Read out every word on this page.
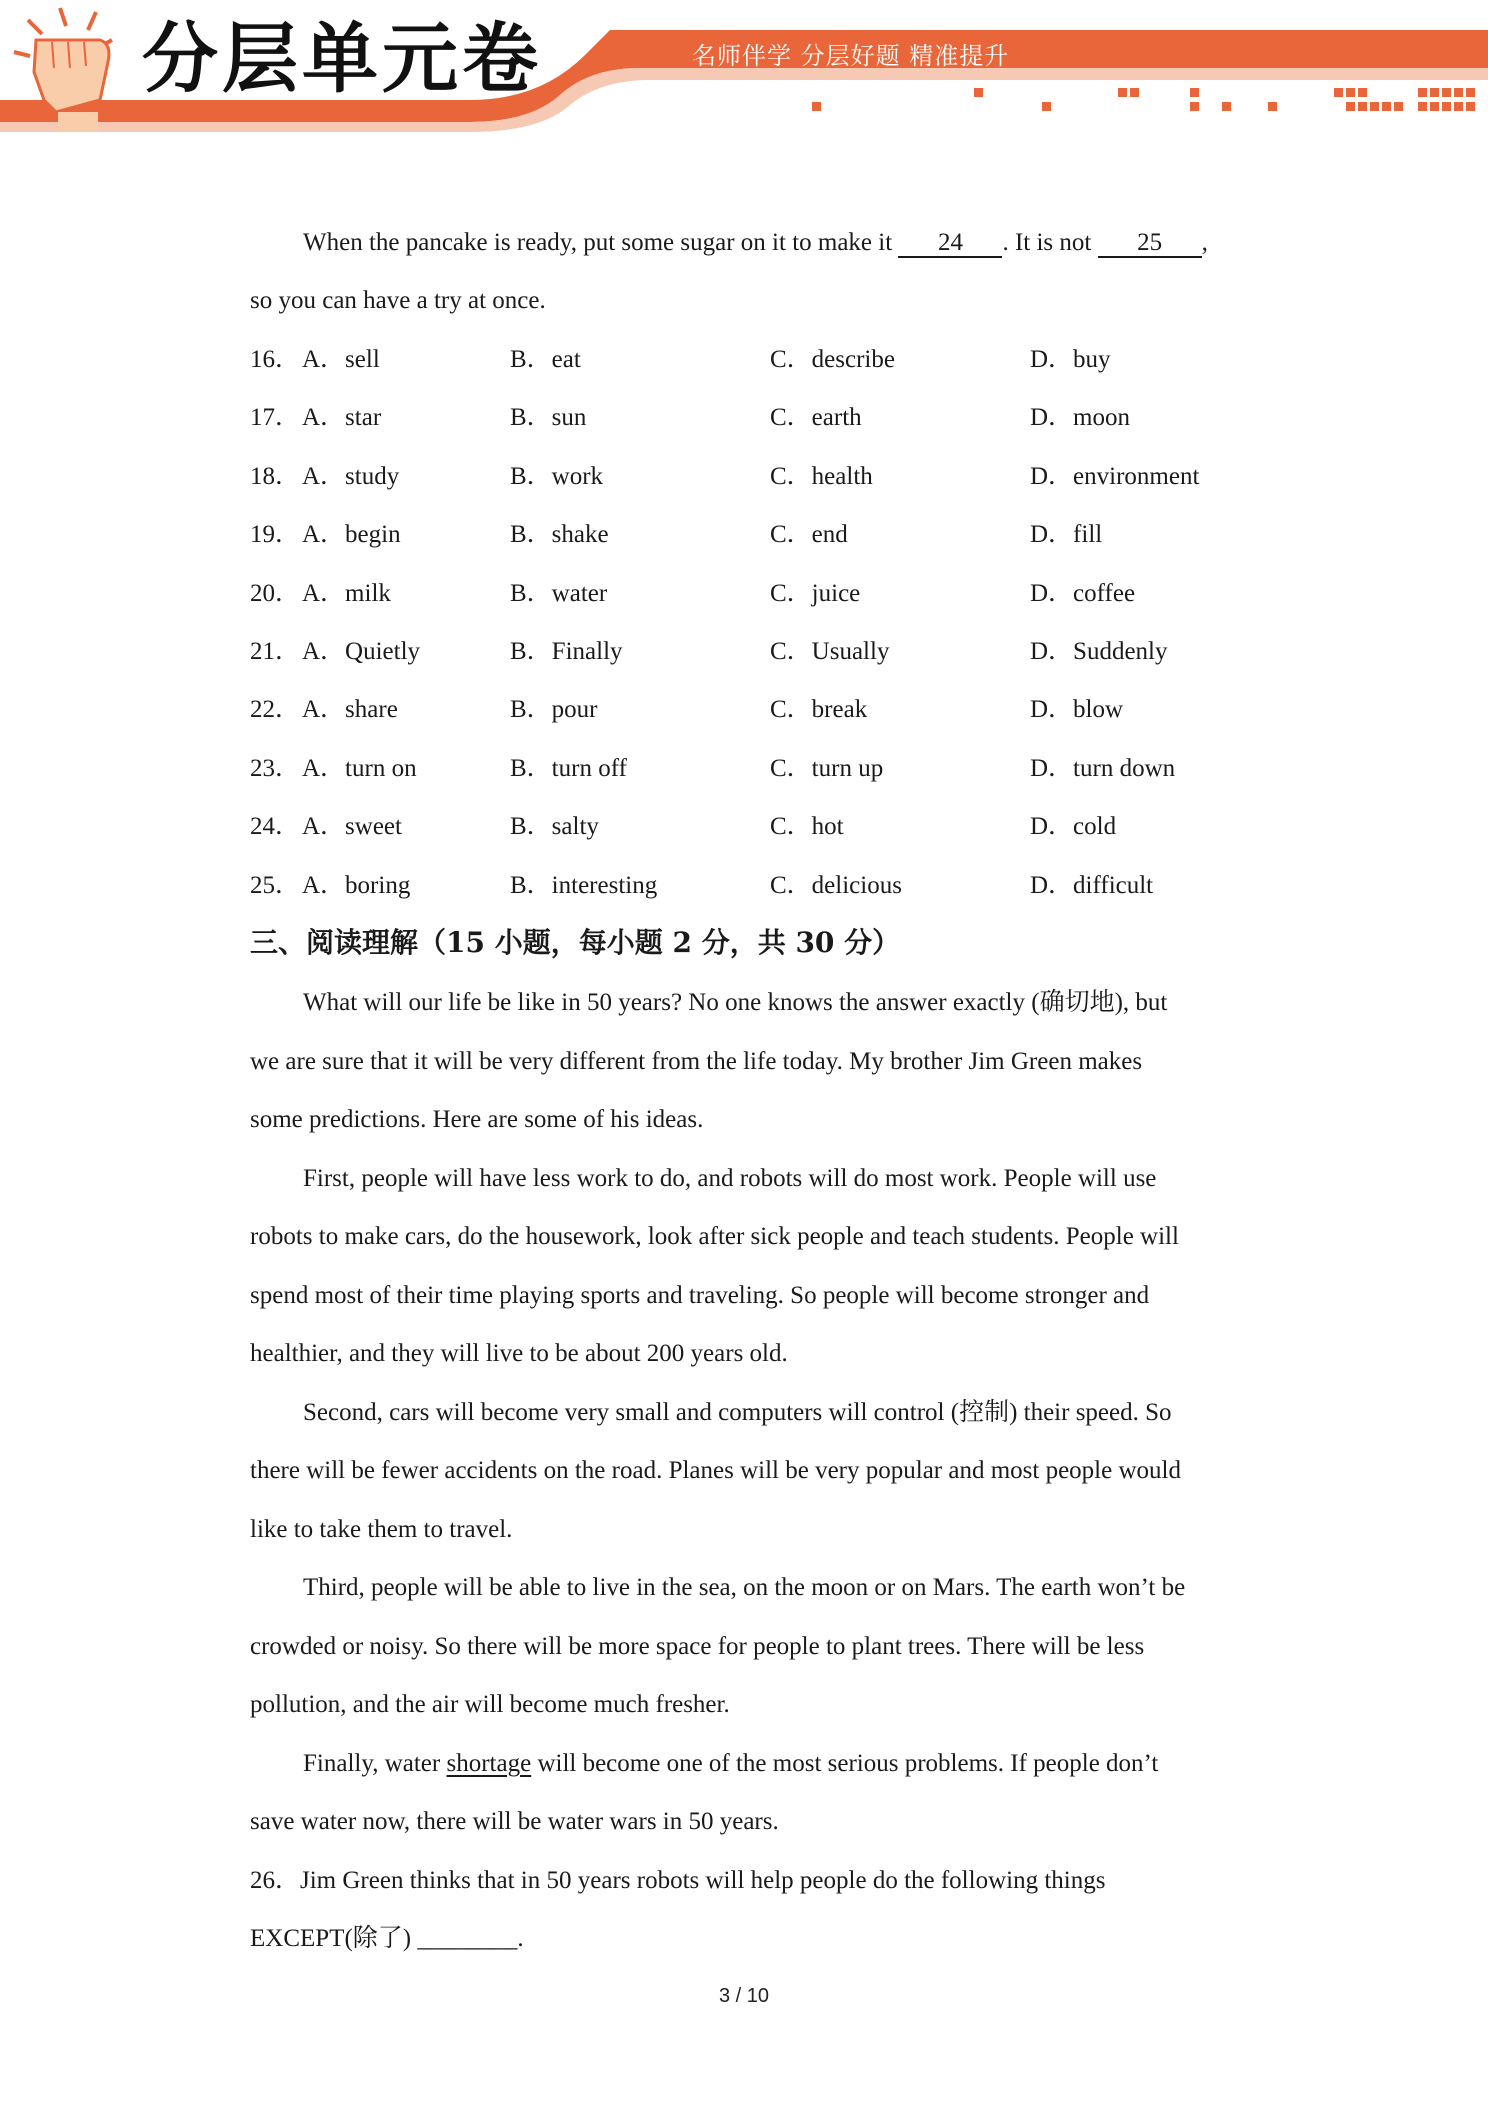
分层单元卷	名师伴学 分层好题 精准提升
When the pancake is ready, put some sugar on it to make it 24 . It is not 25 ,
so you can have a try at once.
16． A．sell	B．eat	C．describe	D．buy
17． A．star	B．sun	C．earth	D．moon
18． A．study	B．work	C．health	D．environment
19． A．begin	B．shake	C．end	D．fill
20． A．milk	B．water	C．juice	D．coffee
21． A．Quietly	B．Finally	C．Usually	D．Suddenly
22． A．share	B．pour	C．break	D．blow
23． A．turn on	B．turn off	C．turn up	D．turn down
24． A．sweet	B．salty	C．hot	D．cold
25． A．boring	B．interesting	C．delicious	D．difficult
三、阅读理解（15 小题，每小题 2 分，共 30 分）
What will our life be like in 50 years? No one knows the answer exactly (确切地), but
we are sure that it will be very different from the life today. My brother Jim Green makes
some predictions. Here are some of his ideas.
First, people will have less work to do, and robots will do most work. People will use
robots to make cars, do the housework, look after sick people and teach students. People will
spend most of their time playing sports and traveling. So people will become stronger and
healthier, and they will live to be about 200 years old.
Second, cars will become very small and computers will control (控制) their speed. So
there will be fewer accidents on the road. Planes will be very popular and most people would
like to take them to travel.
Third, people will be able to live in the sea, on the moon or on Mars. The earth won’t be
crowded or noisy. So there will be more space for people to plant trees. There will be less
pollution, and the air will become much fresher.
Finally, water shortage will become one of the most serious problems. If people don’t
save water now, there will be water wars in 50 years.
26．Jim Green thinks that in 50 years robots will help people do the following things
EXCEPT(除了) ________.
3 / 10
